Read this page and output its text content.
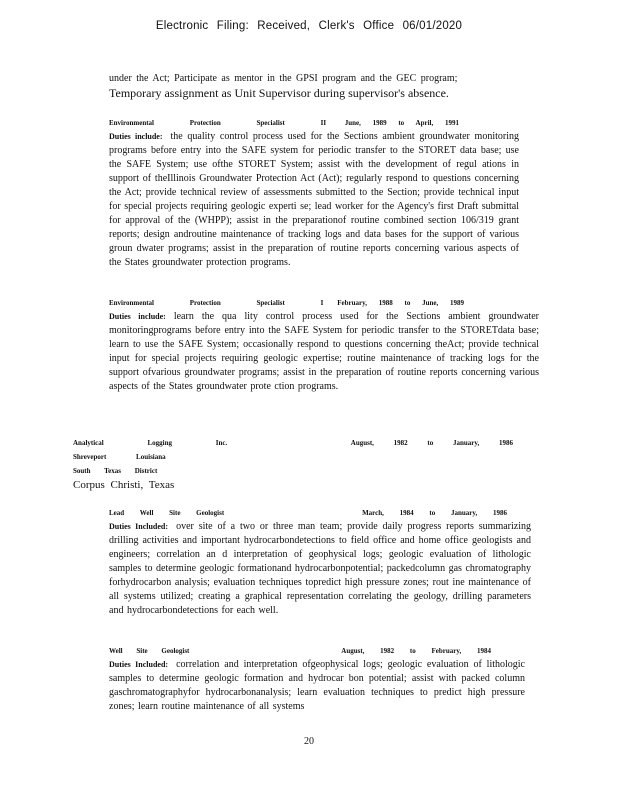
Electronic Filing: Received, Clerk's Office 06/01/2020
under the Act; Participate as mentor in the GPSI program and the GEC program;
Temporary assignment as Unit Supervisor during supervisor's absence.
Environmental Protection Specialist II	June, 1989 to April, 1991
Duties include: the quality control process used for the Sections ambient groundwater monitoring programs before entry into the SAFE system for periodic transfer to the STORET data base; use the SAFE System; use ofthe STORET System; assist with the development of regul ations in support of theIllinois Groundwater Protection Act (Act); regularly respond to questions concerning the Act; provide technical review of assessments submitted to the Section; provide technical input for special projects requiring geologic experti se; lead worker for the Agency's first Draft submittal for approval of the (WHPP); assist in the preparationof routine combined section 106/319 grant reports; design androutine maintenance of tracking logs and data bases for the support of various groun dwater programs; assist in the preparation of routine reports concerning various aspects of the States groundwater protection programs.
Environmental Protection Specialist I February, 1988 to June, 1989
Duties include: learn the qua lity control process used for the Sections ambient groundwater monitoringprograms before entry into the SAFE System for periodic transfer to the STORETdata base; learn to use the SAFE System; occasionally respond to questions concerning theAct; provide technical input for special projects requiring geologic expertise; routine maintenance of tracking logs for the support ofvarious groundwater programs; assist in the preparation of routine reports concerning various aspects of the States groundwater prote ction programs.
Analytical Logging Inc.	August, 1982 to January, 1986
Shreveport Louisiana
South Texas District
Corpus Christi, Texas
Lead Well Site Geologist	March, 1984 to January, 1986
Duties Included: over site of a two or three man team; provide daily progress reports summarizing drilling activities and important hydrocarbondetections to field office and home office geologists and engineers; correlation an d interpretation of geophysical logs; geologic evaluation of lithologic samples to determine geologic formationand hydrocarbonpotential; packedcolumn gas chromatography forhydrocarbon analysis; evaluation techniques topredict high pressure zones; rout ine maintenance of all systems utilized; creating a graphical representation correlating the geology, drilling parameters and hydrocarbondetections for each well.
Well Site Geologist	August, 1982 to February, 1984
Duties Included: correlation and interpretation ofgeophysical logs; geologic evaluation of lithologic samples to determine geologic formation and hydrocar bon potential; assist with packed column gaschromatographyfor hydrocarbonanalysis; learn evaluation techniques to predict high pressure zones; learn routine maintenance of all systems
20
